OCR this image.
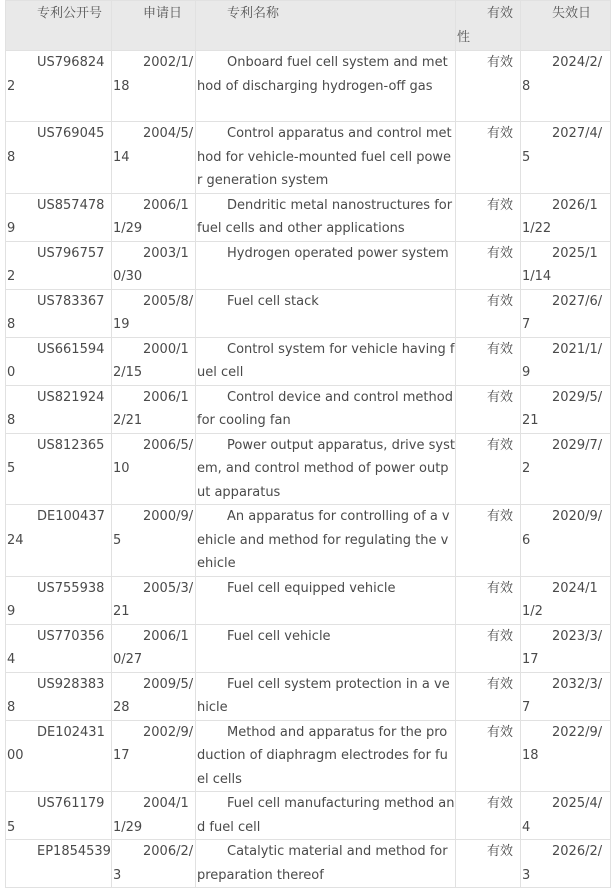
专利公开号	申请日	专利名称	有效性	失效日
US7968242	2002/1/18	Onboard fuel cell system and method of discharging hydrogen-off gas	有效	2024/2/8
US7690458	2004/5/14	Control apparatus and control method for vehicle-mounted fuel cell power generation system	有效	2027/4/5
US8574789	2006/11/29	Dendritic metal nanostructures for fuel cells and other applications	有效	2026/11/22
US7967572	2003/10/30	Hydrogen operated power system	有效	2025/11/14
US7833678	2005/8/19	Fuel cell stack	有效	2027/6/7
US6615940	2000/12/15	Control system for vehicle having fuel cell	有效	2021/1/9
US8219248	2006/12/21	Control device and control method for cooling fan	有效	2029/5/21
US8123655	2006/5/10	Power output apparatus, drive system, and control method of power output apparatus	有效	2029/7/2
DE10043724	2000/9/5	An apparatus for controlling of a vehicle and method for regulating the vehicle	有效	2020/9/6
US7559389	2005/3/21	Fuel cell equipped vehicle	有效	2024/11/2
US7703564	2006/10/27	Fuel cell vehicle	有效	2023/3/17
US9283838	2009/5/28	Fuel cell system protection in a vehicle	有效	2032/3/7
DE10243100	2002/9/17	Method and apparatus for the production of diaphragm electrodes for fuel cells	有效	2022/9/18
US7611795	2004/11/29	Fuel cell manufacturing method and fuel cell	有效	2025/4/4
EP1854539	2006/2/3	Catalytic material and method for preparation thereof	有效	2026/2/3
